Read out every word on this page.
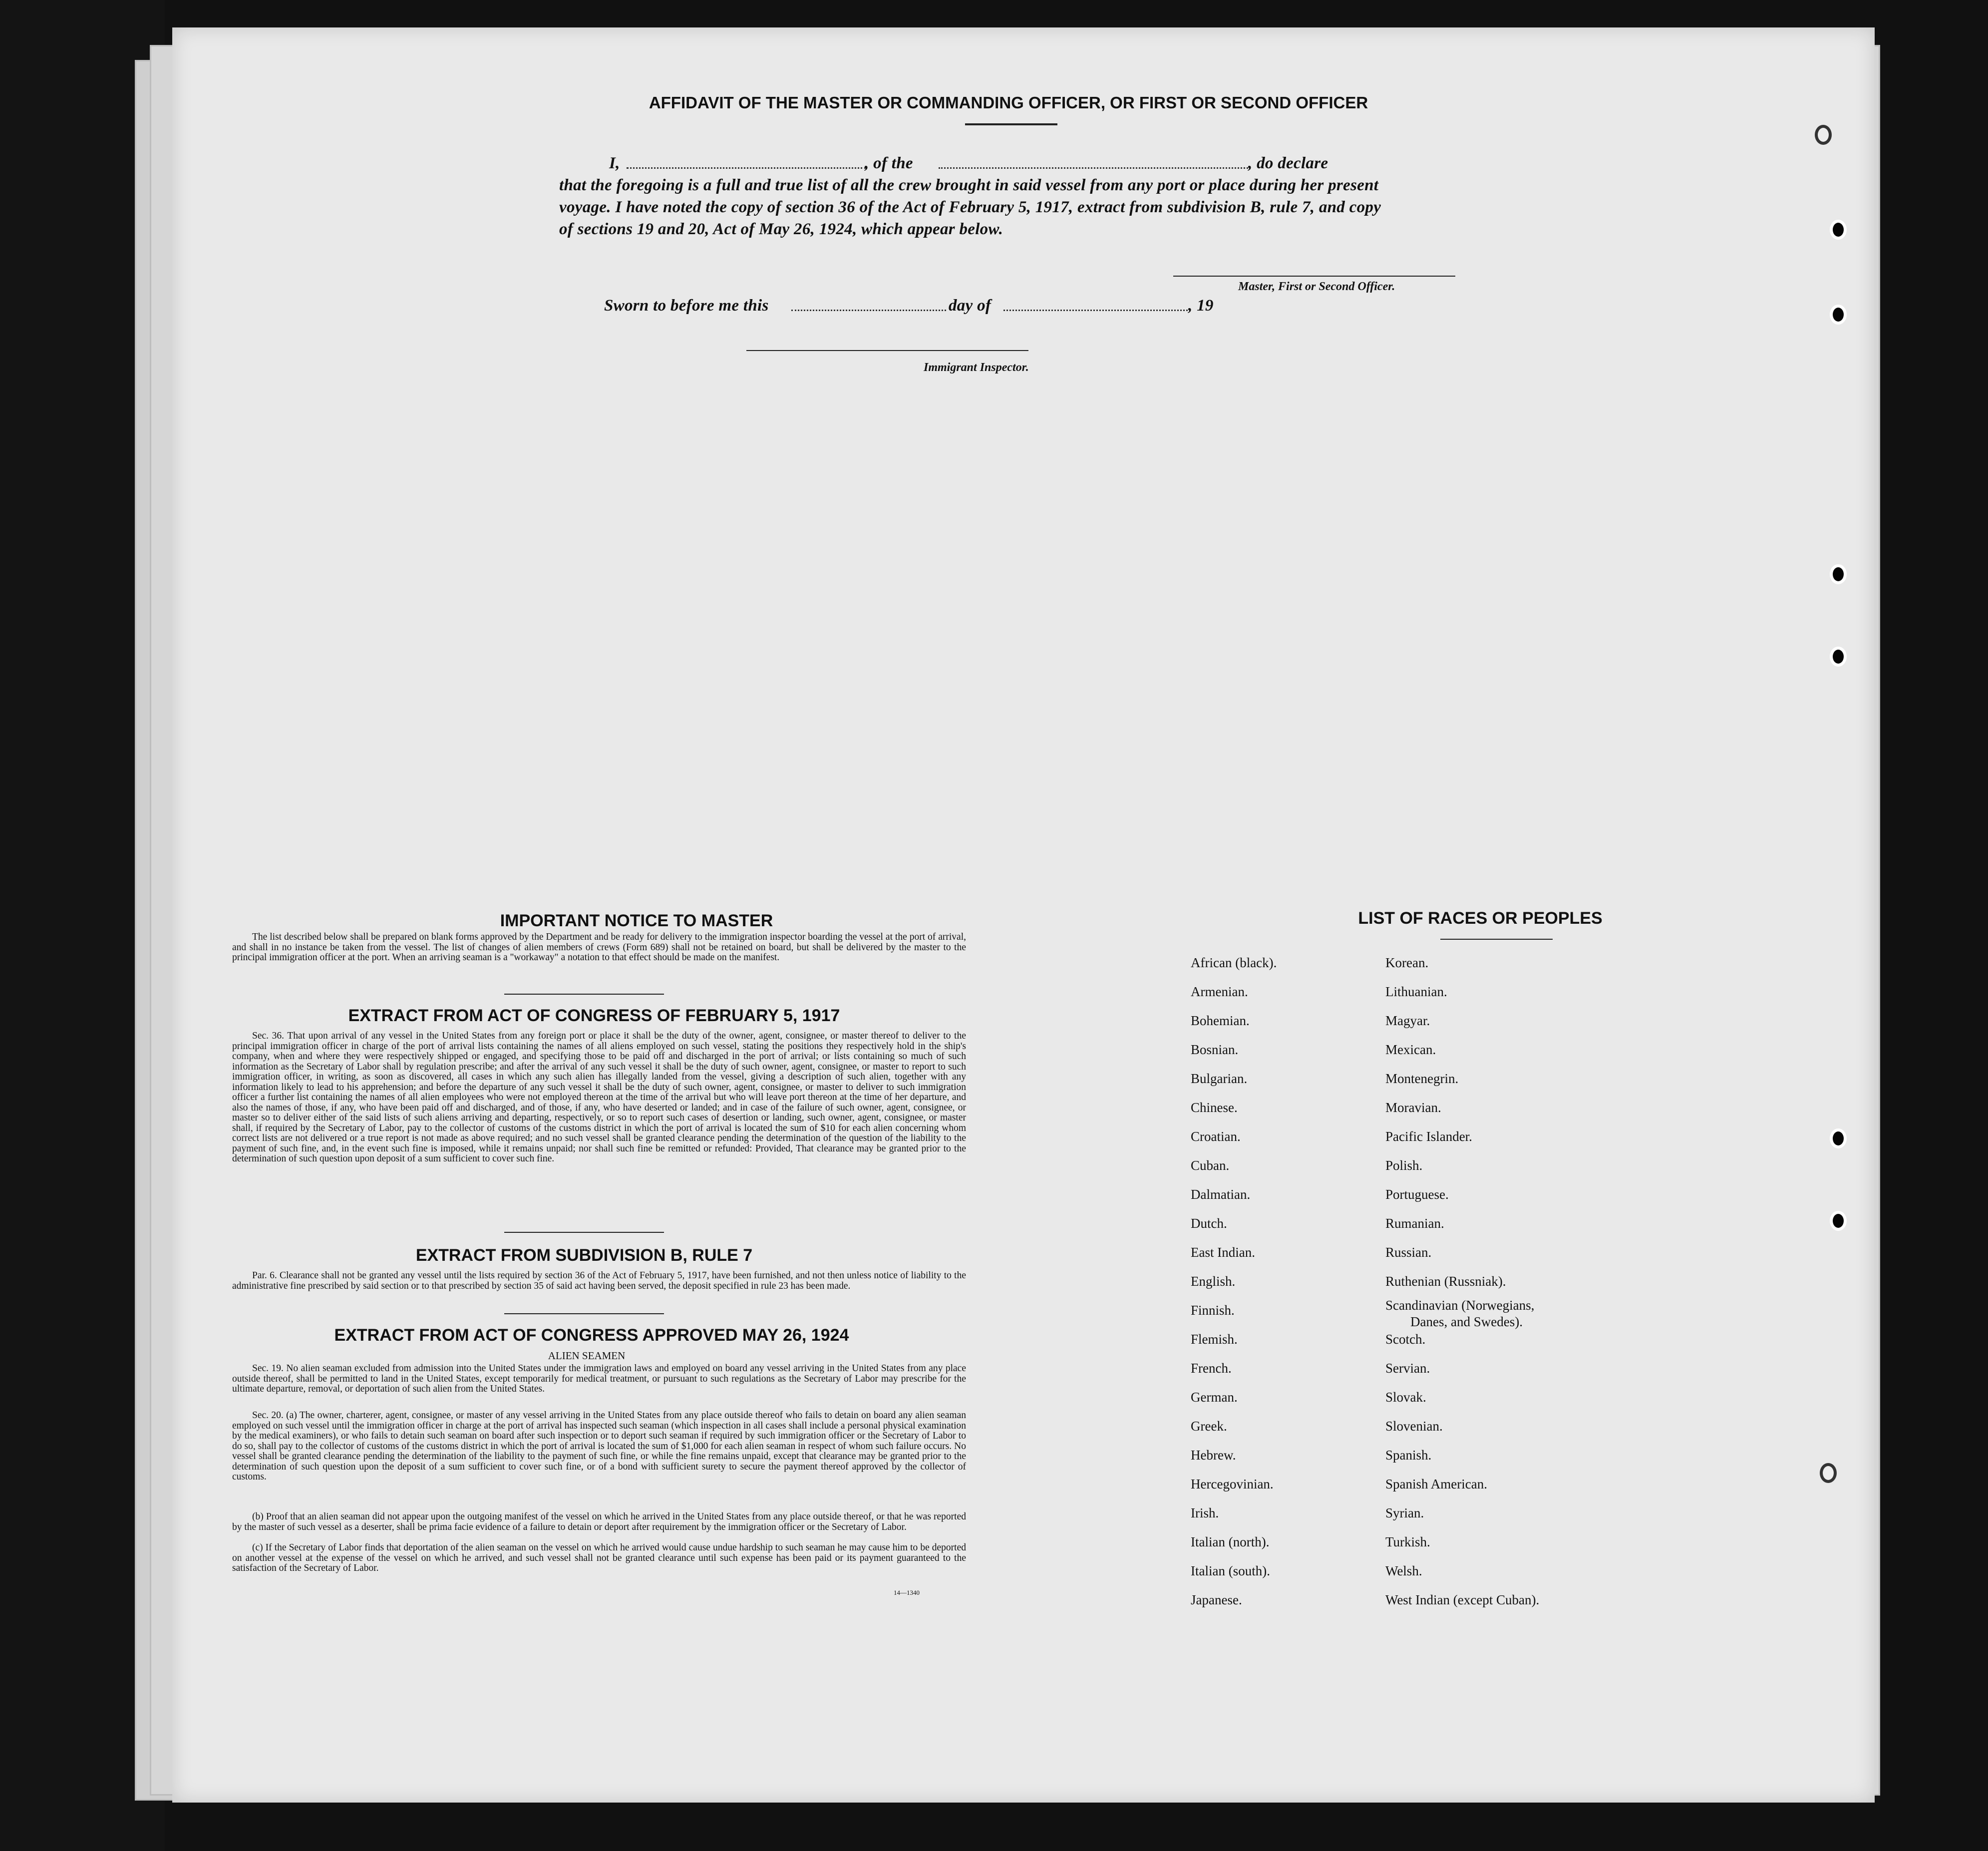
AFFIDAVIT OF THE MASTER OR COMMANDING OFFICER, OR FIRST OR SECOND OFFICER
I,	, of the	, do declare
that the foregoing is a full and true list of all the crew brought in said vessel from any port or place during her present
voyage. I have noted the copy of section 36 of the Act of February 5, 1917, extract from subdivision B, rule 7, and copy
of sections 19 and 20, Act of May 26, 1924, which appear below.
Master, First or Second Officer.
Sworn to before me this	day of	, 19
Immigrant Inspector.
IMPORTANT NOTICE TO MASTER
The list described below shall be prepared on blank forms approved by the Department and be ready for delivery to the immigration inspector boarding the vessel at the port of arrival, and shall in no instance be taken from the vessel. The list of changes of alien members of crews (Form 689) shall not be retained on board, but shall be delivered by the master to the principal immigration officer at the port. When an arriving seaman is a "workaway" a notation to that effect should be made on the manifest.
EXTRACT FROM ACT OF CONGRESS OF FEBRUARY 5, 1917
Sec. 36. That upon arrival of any vessel in the United States from any foreign port or place it shall be the duty of the owner, agent, consignee, or master thereof to deliver to the principal immigration officer in charge of the port of arrival lists containing the names of all aliens employed on such vessel, stating the positions they respectively hold in the ship's company, when and where they were respectively shipped or engaged, and specifying those to be paid off and discharged in the port of arrival; or lists containing so much of such information as the Secretary of Labor shall by regulation prescribe; and after the arrival of any such vessel it shall be the duty of such owner, agent, consignee, or master to report to such immigration officer, in writing, as soon as discovered, all cases in which any such alien has illegally landed from the vessel, giving a description of such alien, together with any information likely to lead to his apprehension; and before the departure of any such vessel it shall be the duty of such owner, agent, consignee, or master to deliver to such immigration officer a further list containing the names of all alien employees who were not employed thereon at the time of the arrival but who will leave port thereon at the time of her departure, and also the names of those, if any, who have been paid off and discharged, and of those, if any, who have deserted or landed; and in case of the failure of such owner, agent, consignee, or master so to deliver either of the said lists of such aliens arriving and departing, respectively, or so to report such cases of desertion or landing, such owner, agent, consignee, or master shall, if required by the Secretary of Labor, pay to the collector of customs of the customs district in which the port of arrival is located the sum of $10 for each alien concerning whom correct lists are not delivered or a true report is not made as above required; and no such vessel shall be granted clearance pending the determination of the question of the liability to the payment of such fine, and, in the event such fine is imposed, while it remains unpaid; nor shall such fine be remitted or refunded: Provided, That clearance may be granted prior to the determination of such question upon deposit of a sum sufficient to cover such fine.
EXTRACT FROM SUBDIVISION B, RULE 7
Par. 6. Clearance shall not be granted any vessel until the lists required by section 36 of the Act of February 5, 1917, have been furnished, and not then unless notice of liability to the administrative fine prescribed by said section or to that prescribed by section 35 of said act having been served, the deposit specified in rule 23 has been made.
EXTRACT FROM ACT OF CONGRESS APPROVED MAY 26, 1924
ALIEN SEAMEN
Sec. 19. No alien seaman excluded from admission into the United States under the immigration laws and employed on board any vessel arriving in the United States from any place outside thereof, shall be permitted to land in the United States, except temporarily for medical treatment, or pursuant to such regulations as the Secretary of Labor may prescribe for the ultimate departure, removal, or deportation of such alien from the United States.
Sec. 20. (a) The owner, charterer, agent, consignee, or master of any vessel arriving in the United States from any place outside thereof who fails to detain on board any alien seaman employed on such vessel until the immigration officer in charge at the port of arrival has inspected such seaman (which inspection in all cases shall include a personal physical examination by the medical examiners), or who fails to detain such seaman on board after such inspection or to deport such seaman if required by such immigration officer or the Secretary of Labor to do so, shall pay to the collector of customs of the customs district in which the port of arrival is located the sum of $1,000 for each alien seaman in respect of whom such failure occurs. No vessel shall be granted clearance pending the determination of the liability to the payment of such fine, or while the fine remains unpaid, except that clearance may be granted prior to the determination of such question upon the deposit of a sum sufficient to cover such fine, or of a bond with sufficient surety to secure the payment thereof approved by the collector of customs.
(b) Proof that an alien seaman did not appear upon the outgoing manifest of the vessel on which he arrived in the United States from any place outside thereof, or that he was reported by the master of such vessel as a deserter, shall be prima facie evidence of a failure to detain or deport after requirement by the immigration officer or the Secretary of Labor.
(c) If the Secretary of Labor finds that deportation of the alien seaman on the vessel on which he arrived would cause undue hardship to such seaman he may cause him to be deported on another vessel at the expense of the vessel on which he arrived, and such vessel shall not be granted clearance until such expense has been paid or its payment guaranteed to the satisfaction of the Secretary of Labor.
14—1340
LIST OF RACES OR PEOPLES
Danes, and Swedes).
African (black).
Armenian.
Bohemian.
Bosnian.
Bulgarian.
Chinese.
Croatian.
Cuban.
Dalmatian.
Dutch.
East Indian.
English.
Finnish.
Flemish.
French.
German.
Greek.
Hebrew.
Hercegovinian.
Irish.
Italian (north).
Italian (south).
Japanese.
Korean.
Lithuanian.
Magyar.
Mexican.
Montenegrin.
Moravian.
Pacific Islander.
Polish.
Portuguese.
Rumanian.
Russian.
Ruthenian (Russniak).
Scandinavian (Norwegians,
Scotch.
Servian.
Slovak.
Slovenian.
Spanish.
Spanish American.
Syrian.
Turkish.
Welsh.
West Indian (except Cuban).
